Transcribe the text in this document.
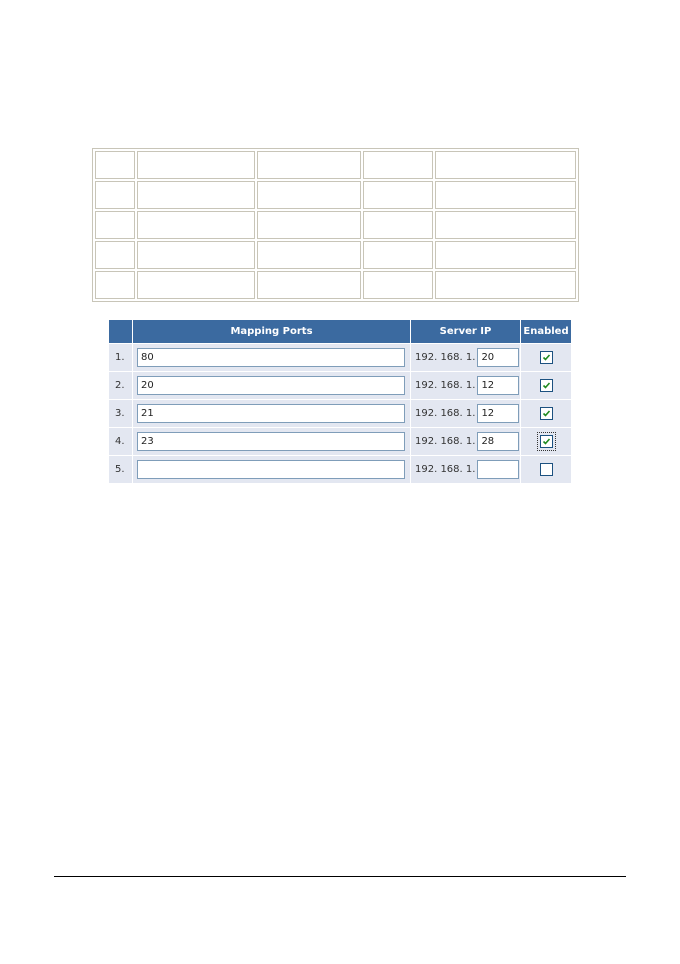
	Mapping Ports	Server IP	Enabled
1.	80	192. 168. 1.20	

2.	20	192. 168. 1.12	

3.	21	192. 168. 1.12	

4.	23	192. 168. 1.28	

5.		192. 168. 1.	
